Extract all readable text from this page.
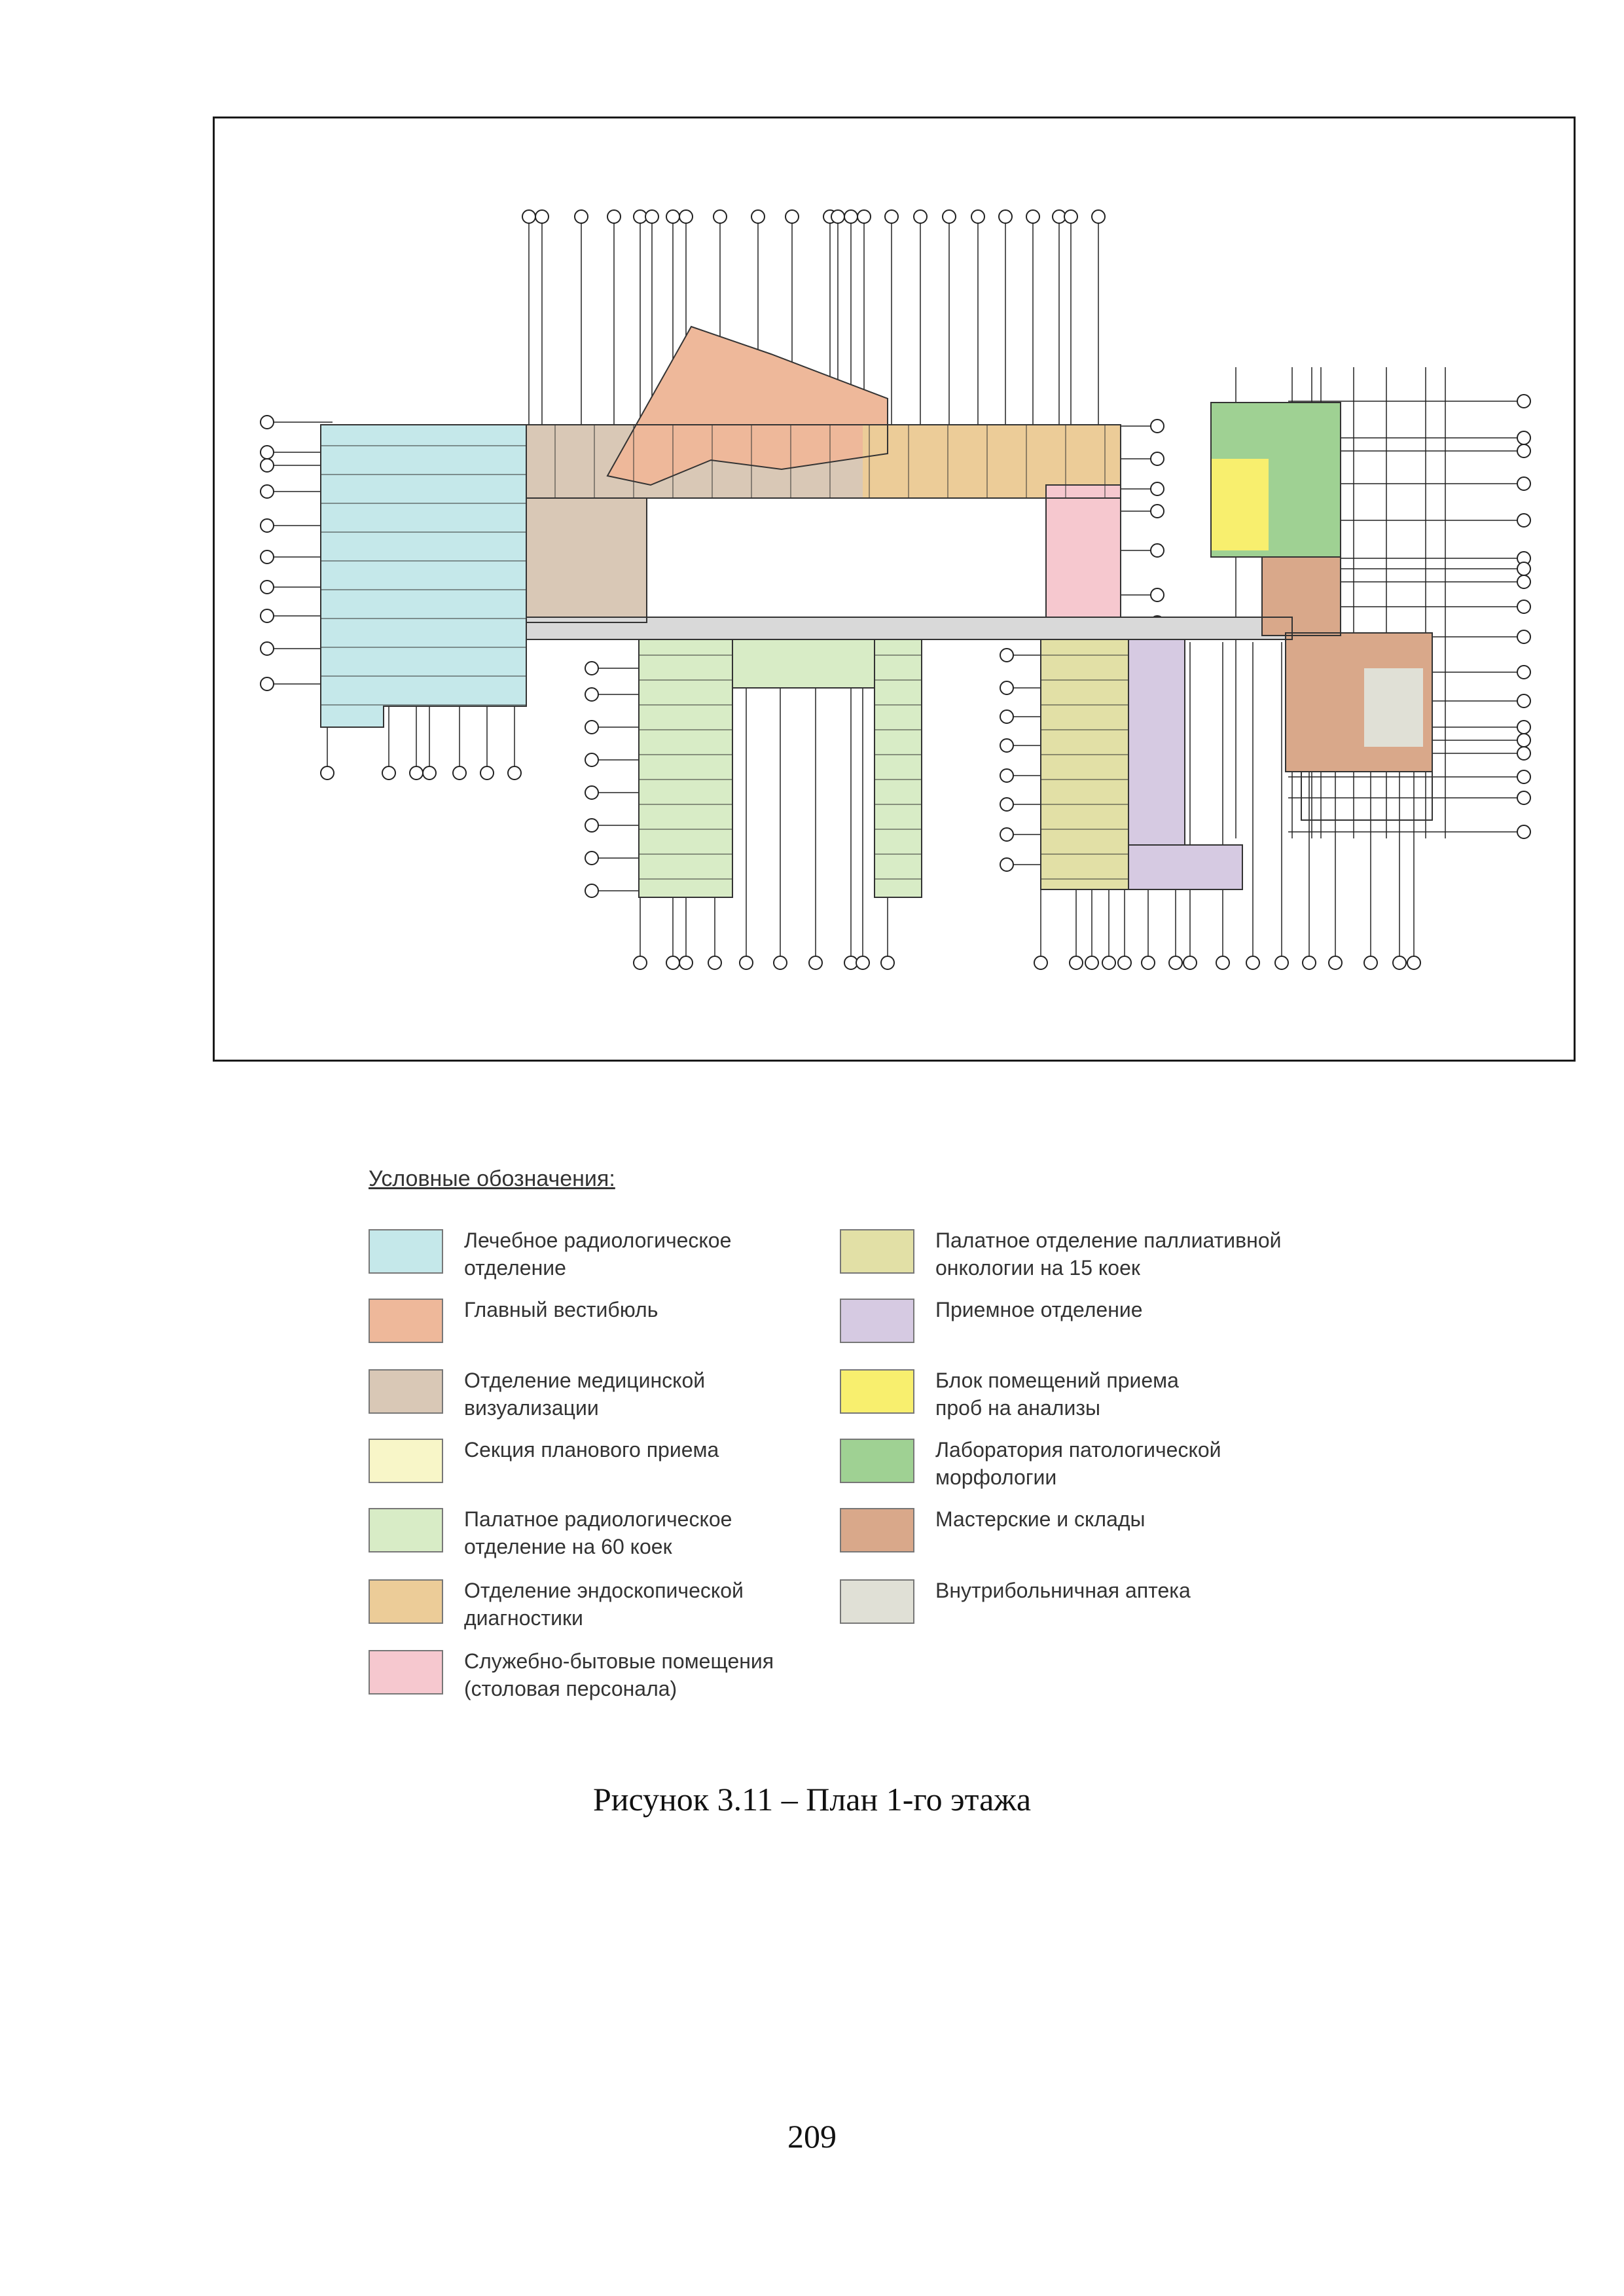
Условные обозначения:
Лечебное радиологическое
отделение
Главный вестибюль
Отделение медицинской
визуализации
Секция планового приема
Палатное радиологическое
отделение на 60 коек
Отделение эндоскопической
диагностики
Служебно-бытовые помещения
(столовая персонала)
Палатное отделение паллиативной
онкологии на 15 коек
Приемное отделение
Блок помещений приема
проб на анализы
Лаборатория патологической
морфологии
Мастерские и склады
Внутрибольничная аптека
Рисунок 3.11 – План 1-го этажа
209
